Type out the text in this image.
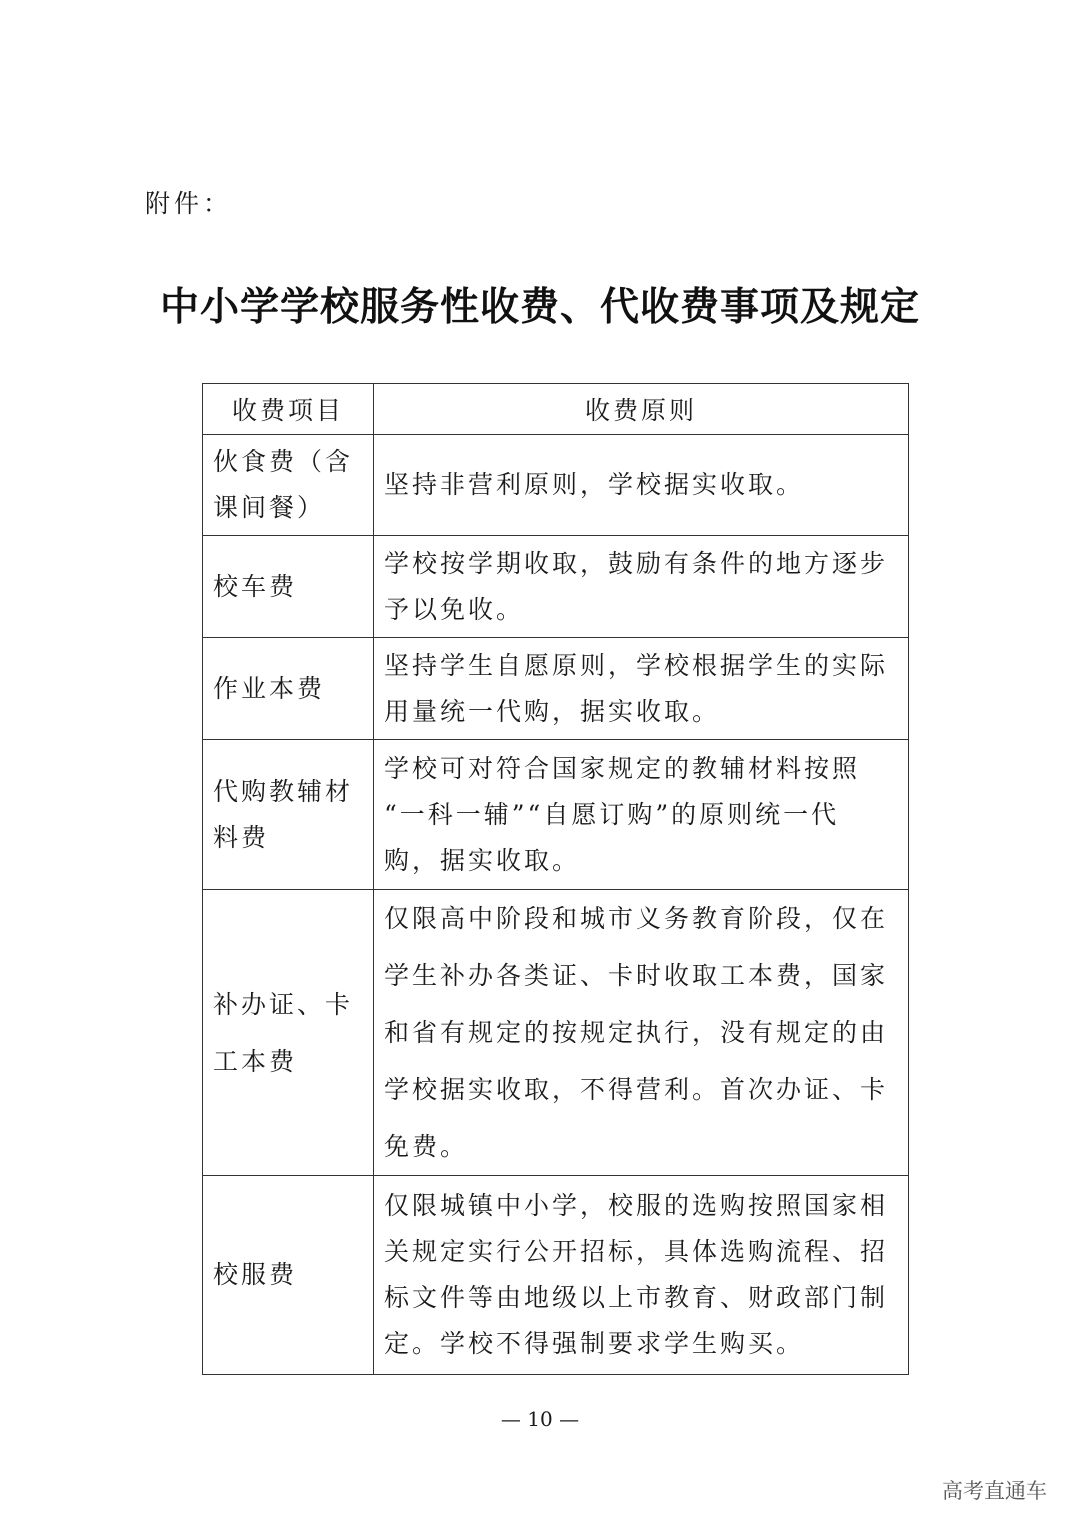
附件：
中小学学校服务性收费、代收费事项及规定
收费项目	收费原则

伙食费（含
课间餐）	坚持非营利原则，学校据实收取。

校车费	学校按学期收取，鼓励有条件的地方逐步
予以免收。

作业本费	坚持学生自愿原则，学校根据学生的实际
用量统一代购，据实收取。

代购教辅材
料费	学校可对符合国家规定的教辅材料按照
“一科一辅”“自愿订购”的原则统一代
购，据实收取。

补办证、卡
工本费	仅限高中阶段和城市义务教育阶段，仅在
学生补办各类证、卡时收取工本费，国家
和省有规定的按规定执行，没有规定的由
学校据实收取，不得营利。首次办证、卡
免费。

校服费	仅限城镇中小学，校服的选购按照国家相
关规定实行公开招标，具体选购流程、招
标文件等由地级以上市教育、财政部门制
定。学校不得强制要求学生购买。
— 10 —
高考直通车
